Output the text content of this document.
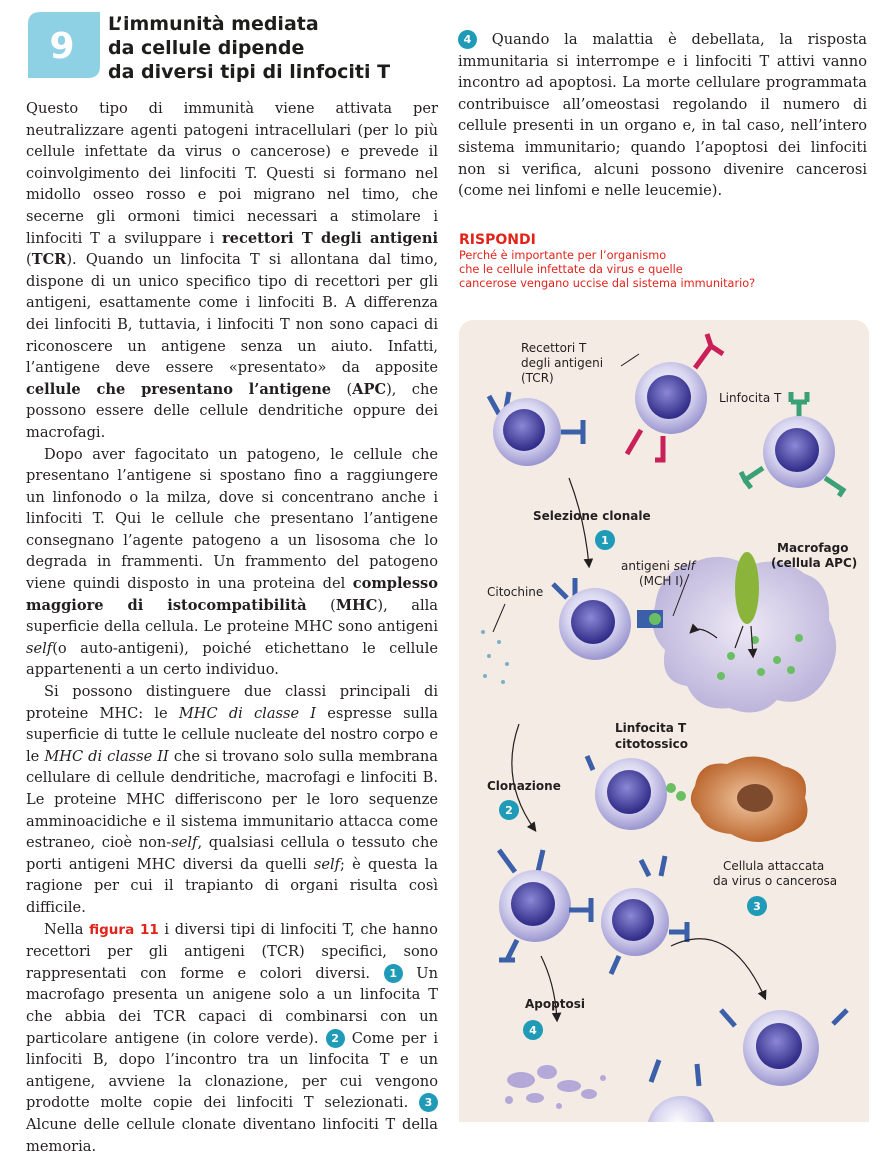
9
L’immunità mediata
da cellule dipende
da diversi tipi di linfociti T

Questo tipo di immunità viene attivata per neutralizzare agenti patogeni intracellulari (per lo più cellule infettate da virus o cancerose) e prevede il coinvolgimento dei linfociti T. Questi si formano nel midollo osseo rosso e poi migrano nel timo, che secerne gli ormoni timici necessari a stimolare i linfociti T a sviluppare i recettori T degli antigeni (TCR). Quando un linfocita T si allontana dal timo, dispone di un unico specifico tipo di recettori per gli antigeni, esattamente come i linfociti B. A differenza dei linfociti B, tuttavia, i linfociti T non sono capaci di riconoscere un antigene senza un aiuto. Infatti, l’antigene deve essere «presentato» da apposite cellule che presentano l’antigene (APC), che possono essere delle cellule dendritiche oppure dei macrofagi.

Dopo aver fagocitato un patogeno, le cellule che presentano l’antigene si spostano fino a raggiungere un linfonodo o la milza, dove si concentrano anche i linfociti T. Qui le cellule che presentano l’antigene consegnano l’agente patogeno a un lisosoma che lo degrada in frammenti. Un frammento del patogeno viene quindi disposto in una proteina del complesso maggiore di istocompatibilità (MHC), alla superficie della cellula. Le proteine MHC sono antigeni self(o auto-antigeni), poiché etichettano le cellule appartenenti a un certo individuo.

Si possono distinguere due classi principali di proteine MHC: le MHC di classe I espresse sulla superficie di tutte le cellule nucleate del nostro corpo e le MHC di classe II che si trovano solo sulla membrana cellulare di cellule dendritiche, macrofagi e linfociti B. Le proteine MHC differiscono per le loro sequenze amminoacidiche e il sistema immunitario attacca come estraneo, cioè non-self, qualsiasi cellula o tessuto che porti antigeni MHC diversi da quelli self; è questa la ragione per cui il trapianto di organi risulta così difficile.

Nella figura 11 i diversi tipi di linfociti T, che hanno recettori per gli antigeni (TCR) specifici, sono rappresentati con forme e colori diversi. 1 Un macrofago presenta un anigene solo a un linfocita T che abbia dei TCR capaci di combinarsi con un particolare antigene (in colore verde). 2 Come per i linfociti B, dopo l’incontro tra un linfocita T e un antigene, avviene la clonazione, per cui vengono prodotte molte copie dei linfociti T selezionati. 3 Alcune delle cellule clonate diventano linfociti T della memoria.

4 Quando la malattia è debellata, la risposta immunitaria si interrompe e i linfociti T attivi vanno incontro ad apoptosi. La morte cellulare programmata contribuisce all’omeostasi regolando il numero di cellule presenti in un organo e, in tal caso, nell’intero sistema immunitario; quando l’apoptosi dei linfociti non si verifica, alcuni possono divenire cancerosi (come nei linfomi e nelle leucemie).

RISPONDI
Perché è importante per l’organismo
che le cellule infettate da virus e quelle
cancerose vengano uccise dal sistema immunitario?
Recettori T
degli antigeni
(TCR)
Linfocita T
Selezione clonale
1
antigeni self
(MCH I)
Macrofago
(cellula APC)
Citochine
Linfocita T
citotossico
Clonazione
2
Cellula attaccata
da virus o cancerosa
3
Apoptosi
4
